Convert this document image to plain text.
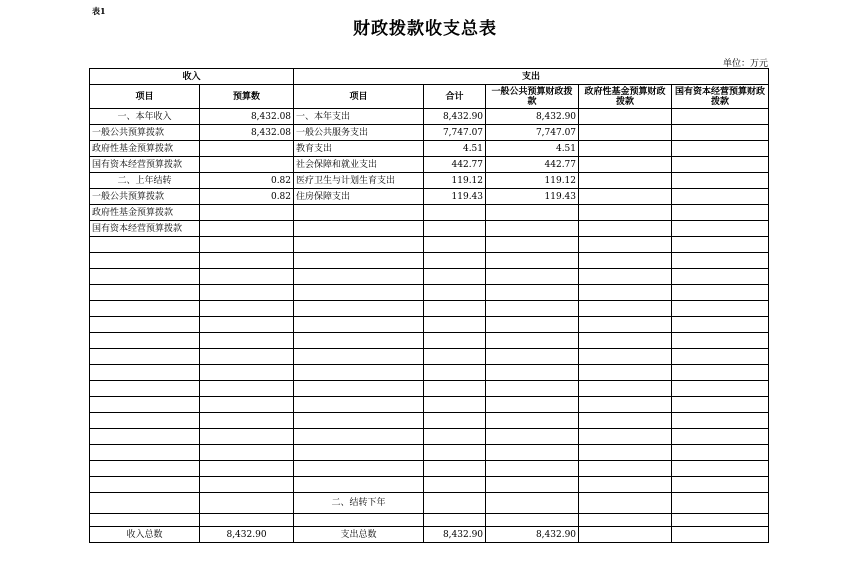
表1
财政拨款收支总表
单位：万元
收入		支出				
项目	预算数	项目	合计	一般公共预算财政拨款	政府性基金预算财政拨款	国有资本经营预算财政拨款
一、本年收入	8,432.08	一、本年支出	8,432.90	8,432.90		
一般公共预算拨款	8,432.08	一般公共服务支出	7,747.07	7,747.07		
政府性基金预算拨款		教育支出	4.51	4.51		
国有资本经营预算拨款		社会保障和就业支出	442.77	442.77		
二、上年结转	0.82	医疗卫生与计划生育支出	119.12	119.12		
一般公共预算拨款	0.82	住房保障支出	119.43	119.43		
政府性基金预算拨款						
国有资本经营预算拨款						

		二、结转下年				

收入总数	8,432.90	支出总数	8,432.90	8,432.90		
